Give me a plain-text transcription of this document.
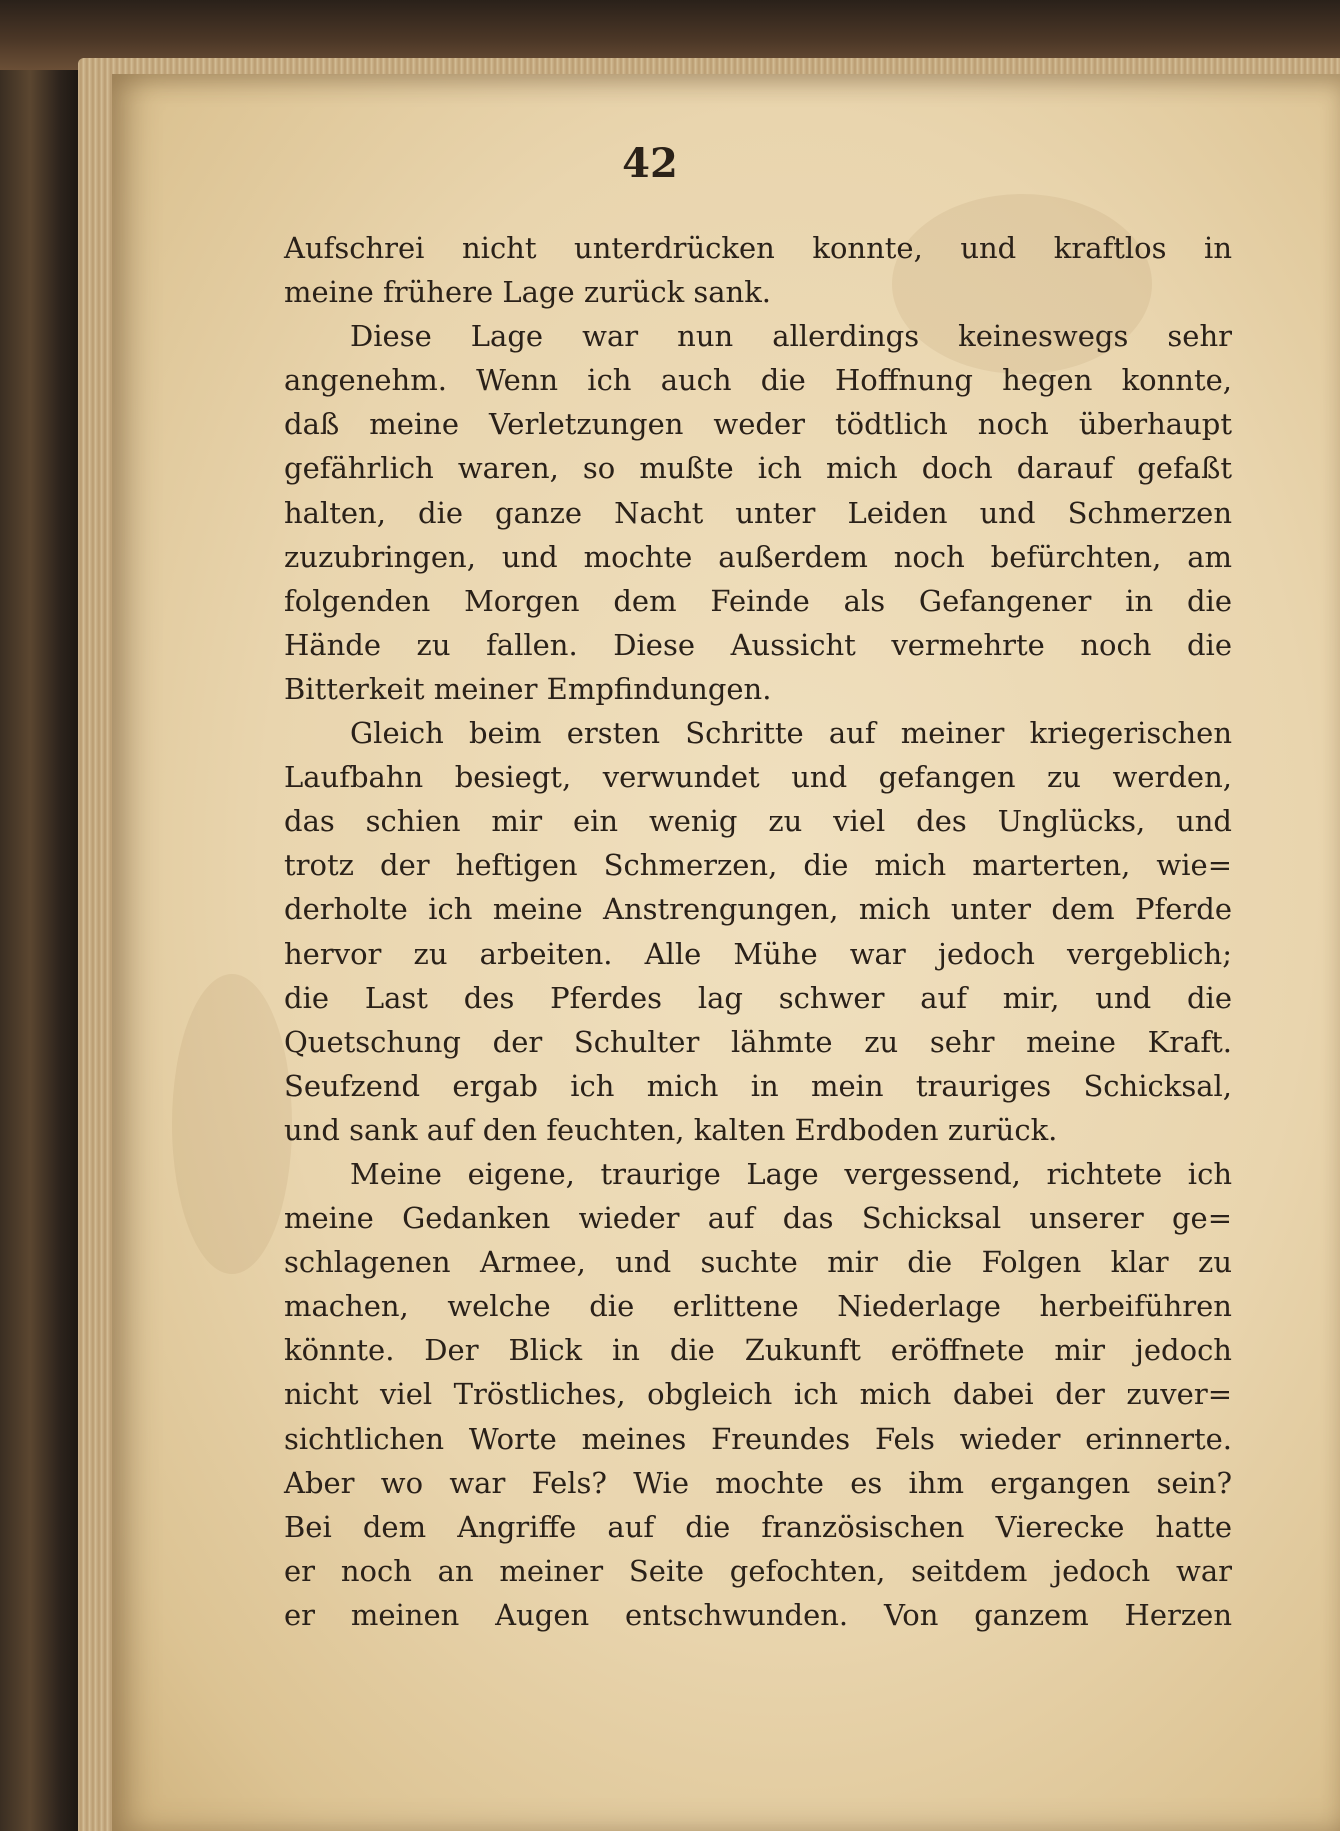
42
Aufschrei nicht unterdrücken konnte, und kraftlos in
meine frühere Lage zurück sank.
Diese Lage war nun allerdings keineswegs sehr
angenehm. Wenn ich auch die Hoffnung hegen konnte,
daß meine Verletzungen weder tödtlich noch überhaupt
gefährlich waren, so mußte ich mich doch darauf gefaßt
halten, die ganze Nacht unter Leiden und Schmerzen
zuzubringen, und mochte außerdem noch befürchten, am
folgenden Morgen dem Feinde als Gefangener in die
Hände zu fallen. Diese Aussicht vermehrte noch die
Bitterkeit meiner Empfindungen.
Gleich beim ersten Schritte auf meiner kriegerischen
Laufbahn besiegt, verwundet und gefangen zu werden,
das schien mir ein wenig zu viel des Unglücks, und
trotz der heftigen Schmerzen, die mich marterten, wie=
derholte ich meine Anstrengungen, mich unter dem Pferde
hervor zu arbeiten. Alle Mühe war jedoch vergeblich;
die Last des Pferdes lag schwer auf mir, und die
Quetschung der Schulter lähmte zu sehr meine Kraft.
Seufzend ergab ich mich in mein trauriges Schicksal,
und sank auf den feuchten, kalten Erdboden zurück.
Meine eigene, traurige Lage vergessend, richtete ich
meine Gedanken wieder auf das Schicksal unserer ge=
schlagenen Armee, und suchte mir die Folgen klar zu
machen, welche die erlittene Niederlage herbeiführen
könnte. Der Blick in die Zukunft eröffnete mir jedoch
nicht viel Tröstliches, obgleich ich mich dabei der zuver=
sichtlichen Worte meines Freundes Fels wieder erinnerte.
Aber wo war Fels? Wie mochte es ihm ergangen sein?
Bei dem Angriffe auf die französischen Vierecke hatte
er noch an meiner Seite gefochten, seitdem jedoch war
er meinen Augen entschwunden. Von ganzem Herzen
